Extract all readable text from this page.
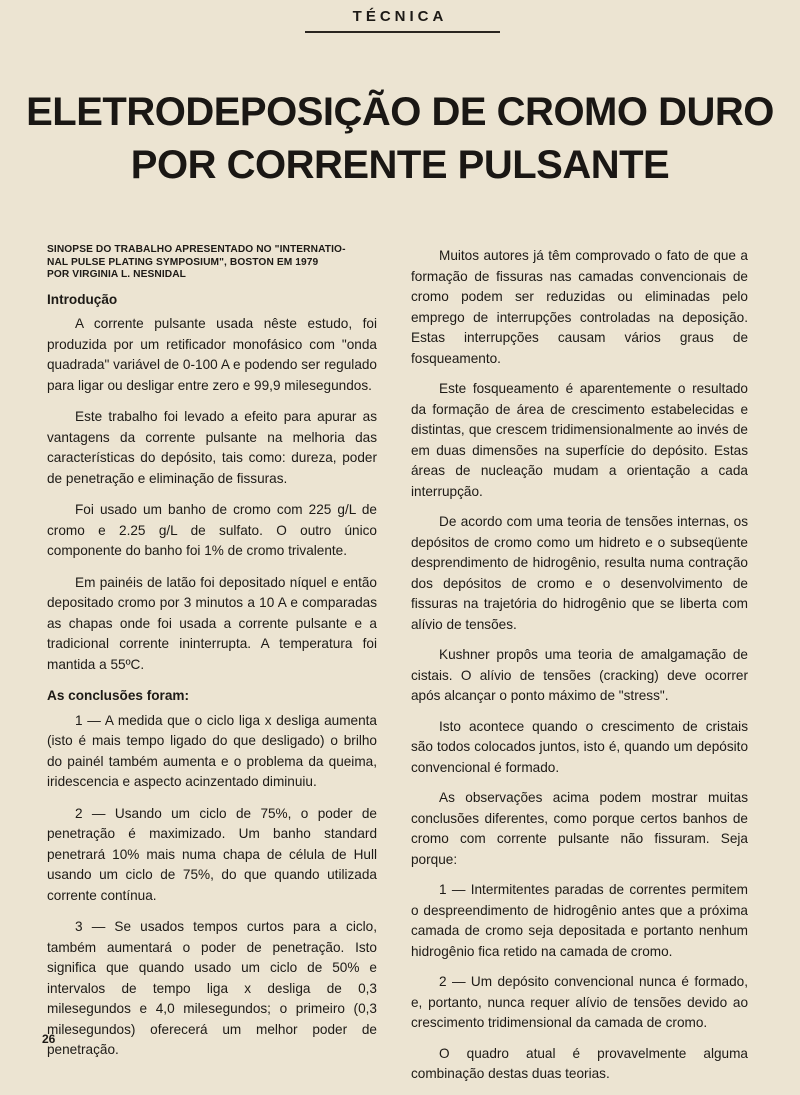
TÉCNICA
ELETRODEPOSIÇÃO DE CROMO DURO
POR CORRENTE PULSANTE
SINOPSE DO TRABALHO APRESENTADO NO "INTERNATIO-
NAL PULSE PLATING SYMPOSIUM", BOSTON EM 1979
POR VIRGINIA L. NESNIDAL
Introdução

A corrente pulsante usada nêste estudo, foi produzida por um retificador monofásico com "onda quadrada" variável de 0-100 A e podendo ser regulado para ligar ou desligar entre zero e 99,9 milesegundos.

Este trabalho foi levado a efeito para apurar as vantagens da corrente pulsante na melhoria das características do depósito, tais como: dureza, poder de penetração e eliminação de fissuras.

Foi usado um banho de cromo com 225 g/L de cromo e 2.25 g/L de sulfato. O outro único componente do banho foi 1% de cromo trivalente.

Em painéis de latão foi depositado níquel e então depositado cromo por 3 minutos a 10 A e comparadas as chapas onde foi usada a corrente pulsante e a tradicional corrente ininterrupta. A temperatura foi mantida a 55ºC.

As conclusões foram:

1 — A medida que o ciclo liga x desliga aumenta (isto é mais tempo ligado do que desligado) o brilho do painél também aumenta e o problema da queima, iridescencia e aspecto acinzentado diminuiu.

2 — Usando um ciclo de 75%, o poder de penetração é maximizado. Um banho standard penetrará 10% mais numa chapa de célula de Hull usando um ciclo de 75%, do que quando utilizada corrente contínua.

3 — Se usados tempos curtos para a ciclo, também aumentará o poder de penetração. Isto significa que quando usado um ciclo de 50% e intervalos de tempo liga x desliga de 0,3 milesegundos e 4,0 milesegundos; o primeiro (0,3 milesegundos) oferecerá um melhor poder de penetração.

Muitos autores já têm comprovado o fato de que a formação de fissuras nas camadas convencionais de cromo podem ser reduzidas ou eliminadas pelo emprego de interrupções controladas na deposição. Estas interrupções causam vários graus de fosqueamento.

Este fosqueamento é aparentemente o resultado da formação de área de crescimento estabelecidas e distintas, que crescem tridimensionalmente ao invés de em duas dimensões na superfície do depósito. Estas áreas de nucleação mudam a orientação a cada interrupção.

De acordo com uma teoria de tensões internas, os depósitos de cromo como um hidreto e o subseqüente desprendimento de hidrogênio, resulta numa contração dos depósitos de cromo e o desenvolvimento de fissuras na trajetória do hidrogênio que se liberta com alívio de tensões.

Kushner propôs uma teoria de amalgamação de cistais. O alívio de tensões (cracking) deve ocorrer após alcançar o ponto máximo de "stress".

Isto acontece quando o crescimento de cristais são todos colocados juntos, isto é, quando um depósito convencional é formado.

As observações acima podem mostrar muitas conclusões diferentes, como porque certos banhos de cromo com corrente pulsante não fissuram. Seja porque:

1 — Intermitentes paradas de correntes permitem o despreendimento de hidrogênio antes que a próxima camada de cromo seja depositada e portanto nenhum hidrogênio fica retido na camada de cromo.

2 — Um depósito convencional nunca é formado, e, portanto, nunca requer alívio de tensões devido ao crescimento tridimensional da camada de cromo.

O quadro atual é provavelmente alguma combinação destas duas teorias.

26
